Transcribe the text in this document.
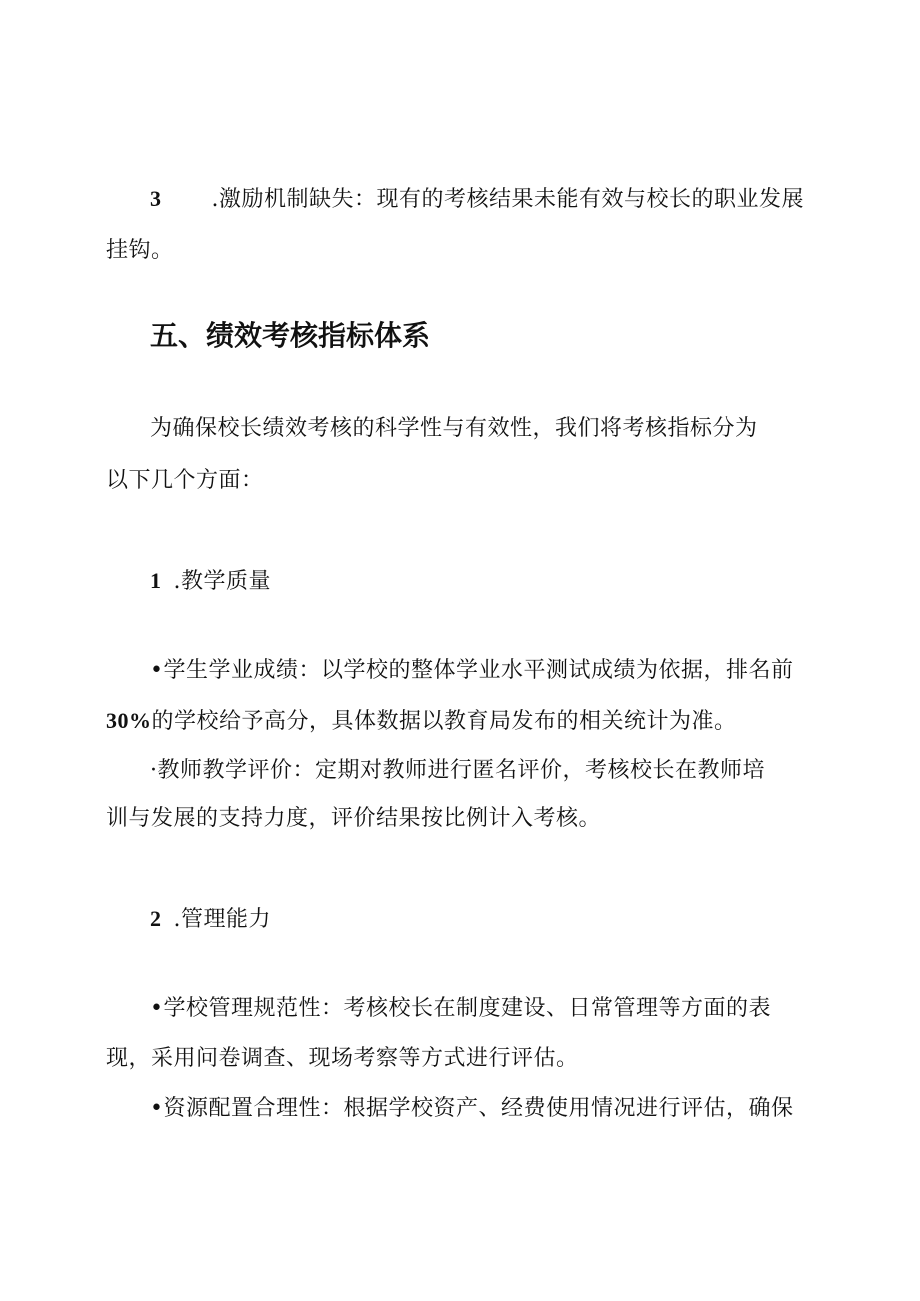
3 .激励机制缺失：现有的考核结果未能有效与校长的职业发展
挂钩。
五、绩效考核指标体系
为确保校长绩效考核的科学性与有效性，我们将考核指标分为
以下几个方面：
1 .教学质量
•学生学业成绩：以学校的整体学业水平测试成绩为依据，排名前
30%的学校给予高分，具体数据以教育局发布的相关统计为准。
·教师教学评价：定期对教师进行匿名评价，考核校长在教师培
训与发展的支持力度，评价结果按比例计入考核。
2 .管理能力
•学校管理规范性：考核校长在制度建设、日常管理等方面的表
现，采用问卷调查、现场考察等方式进行评估。
•资源配置合理性：根据学校资产、经费使用情况进行评估，确保
